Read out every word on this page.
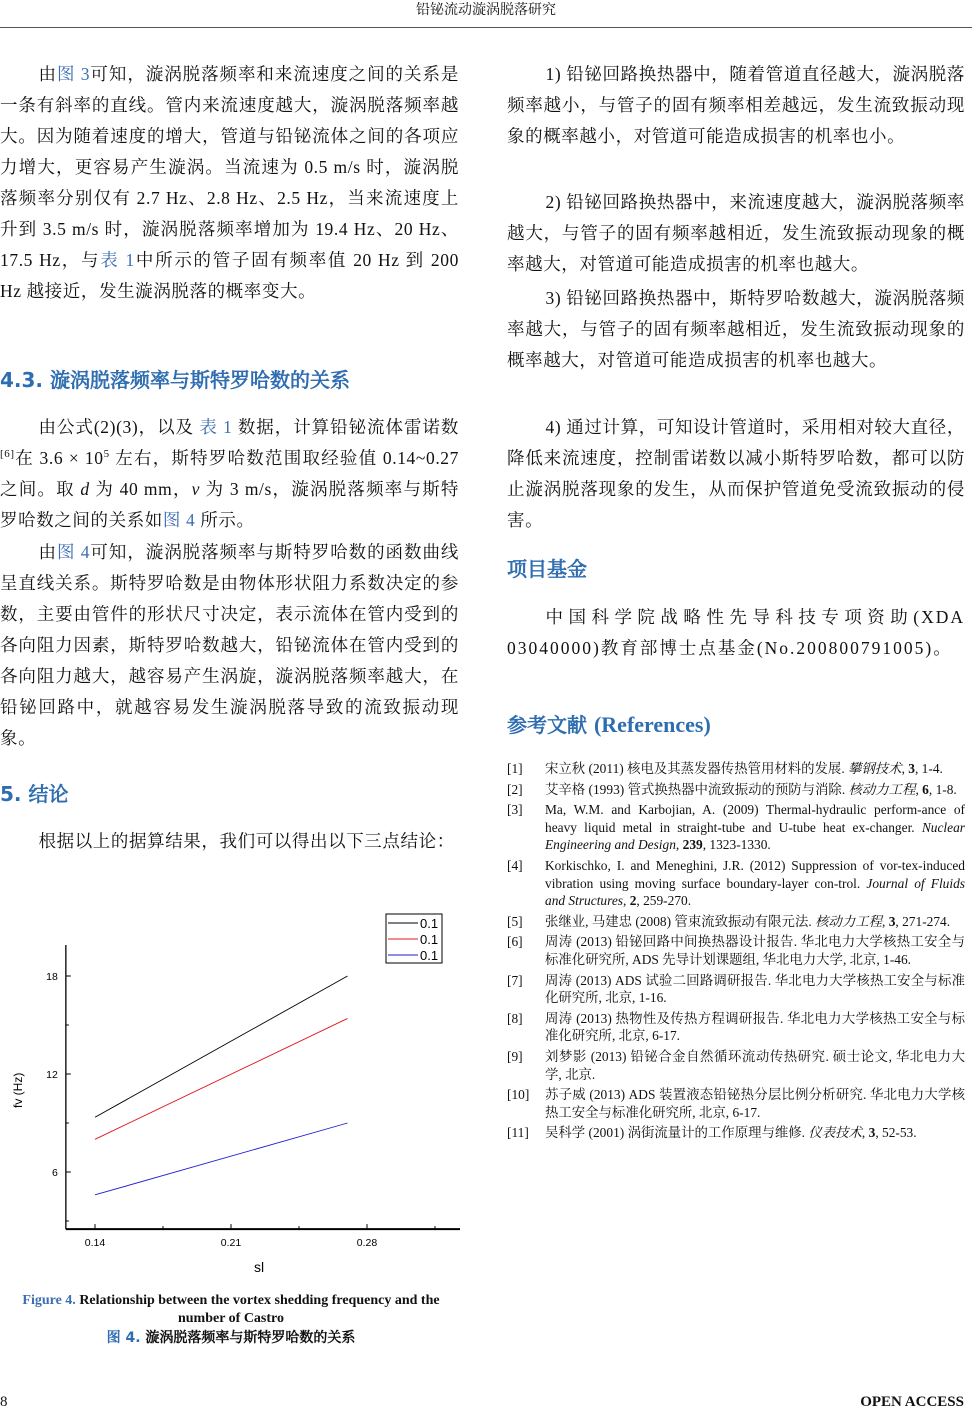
铅铋流动漩涡脱落研究
由图 3可知，漩涡脱落频率和来流速度之间的关系是一条有斜率的直线。管内来流速度越大，漩涡脱落频率越大。因为随着速度的增大，管道与铅铋流体之间的各项应力增大，更容易产生漩涡。当流速为 0.5 m/s 时，漩涡脱落频率分别仅有 2.7 Hz、2.8 Hz、2.5 Hz，当来流速度上升到 3.5 m/s 时，漩涡脱落频率增加为 19.4 Hz、20 Hz、17.5 Hz，与表 1中所示的管子固有频率值 20 Hz 到 200 Hz 越接近，发生漩涡脱落的概率变大。
4.3. 漩涡脱落频率与斯特罗哈数的关系
由公式(2)(3)，以及 表 1 数据，计算铅铋流体雷诺数[6]在 $3.6 \times 10^5$ 左右，斯特罗哈数范围取经验值 0.14~0.27 之间。取 d 为 40 mm，v 为 3 m/s，漩涡脱落频率与斯特罗哈数之间的关系如图 4 所示。
由图 4可知，漩涡脱落频率与斯特罗哈数的函数曲线呈直线关系。斯特罗哈数是由物体形状阻力系数决定的参数，主要由管件的形状尺寸决定，表示流体在管内受到的各向阻力因素，斯特罗哈数越大，铅铋流体在管内受到的各向阻力越大，越容易产生涡旋，漩涡脱落频率越大，在铅铋回路中，就越容易发生漩涡脱落导致的流致振动现象。
5. 结论
根据以上的据算结果，我们可以得出以下三点结论：
0.14	0.21	0.28
6
12
18
sl
fv (Hz)
0.1
0.1
0.1
Figure 4. Relationship between the vortex shedding frequency and the number of Castro
图 4. 漩涡脱落频率与斯特罗哈数的关系
1) 铅铋回路换热器中，随着管道直径越大，漩涡脱落频率越小，与管子的固有频率相差越远，发生流致振动现象的概率越小，对管道可能造成损害的机率也小。
2) 铅铋回路换热器中，来流速度越大，漩涡脱落频率越大，与管子的固有频率越相近，发生流致振动现象的概率越大，对管道可能造成损害的机率也越大。
3) 铅铋回路换热器中，斯特罗哈数越大，漩涡脱落频率越大，与管子的固有频率越相近，发生流致振动现象的概率越大，对管道可能造成损害的机率也越大。
4) 通过计算，可知设计管道时，采用相对较大直径，降低来流速度，控制雷诺数以减小斯特罗哈数，都可以防止漩涡脱落现象的发生，从而保护管道免受流致振动的侵害。
项目基金
中国科学院战略性先导科技专项资助(XDA 03040000)教育部博士点基金(No.200800791005)。
参考文献 (References)
[1]	宋立秋 (2011) 核电及其蒸发器传热管用材料的发展. 攀钢技术, 3, 1-4.
[2]	艾辛格 (1993) 管式换热器中流致振动的预防与消除. 核动力工程, 6, 1-8.
[3]	Ma, W.M. and Karbojian, A. (2009) Thermal-hydraulic perform-ance of heavy liquid metal in straight-tube and U-tube heat ex-changer. Nuclear Engineering and Design, 239, 1323-1330.
[4]	Korkischko, I. and Meneghini, J.R. (2012) Suppression of vor-tex-induced vibration using moving surface boundary-layer con-trol. Journal of Fluids and Structures, 2, 259-270.
[5]	张继业, 马建忠 (2008) 管束流致振动有限元法. 核动力工程, 3, 271-274.
[6]	周涛 (2013) 铅铋回路中间换热器设计报告. 华北电力大学核热工安全与标准化研究所, ADS 先导计划课题组, 华北电力大学, 北京, 1-46.
[7]	周涛 (2013) ADS 试验二回路调研报告. 华北电力大学核热工安全与标准化研究所, 北京, 1-16.
[8]	周涛 (2013) 热物性及传热方程调研报告. 华北电力大学核热工安全与标准化研究所, 北京, 6-17.
[9]	刘梦影 (2013) 铅铋合金自然循环流动传热研究. 硕士论文, 华北电力大学, 北京.
[10]	苏子威 (2013) ADS 装置液态铅铋热分层比例分析研究. 华北电力大学核热工安全与标准化研究所, 北京, 6-17.
[11]	吴科学 (2001) 涡街流量计的工作原理与维修. 仪表技术, 3, 52-53.
8	OPEN ACCESS
